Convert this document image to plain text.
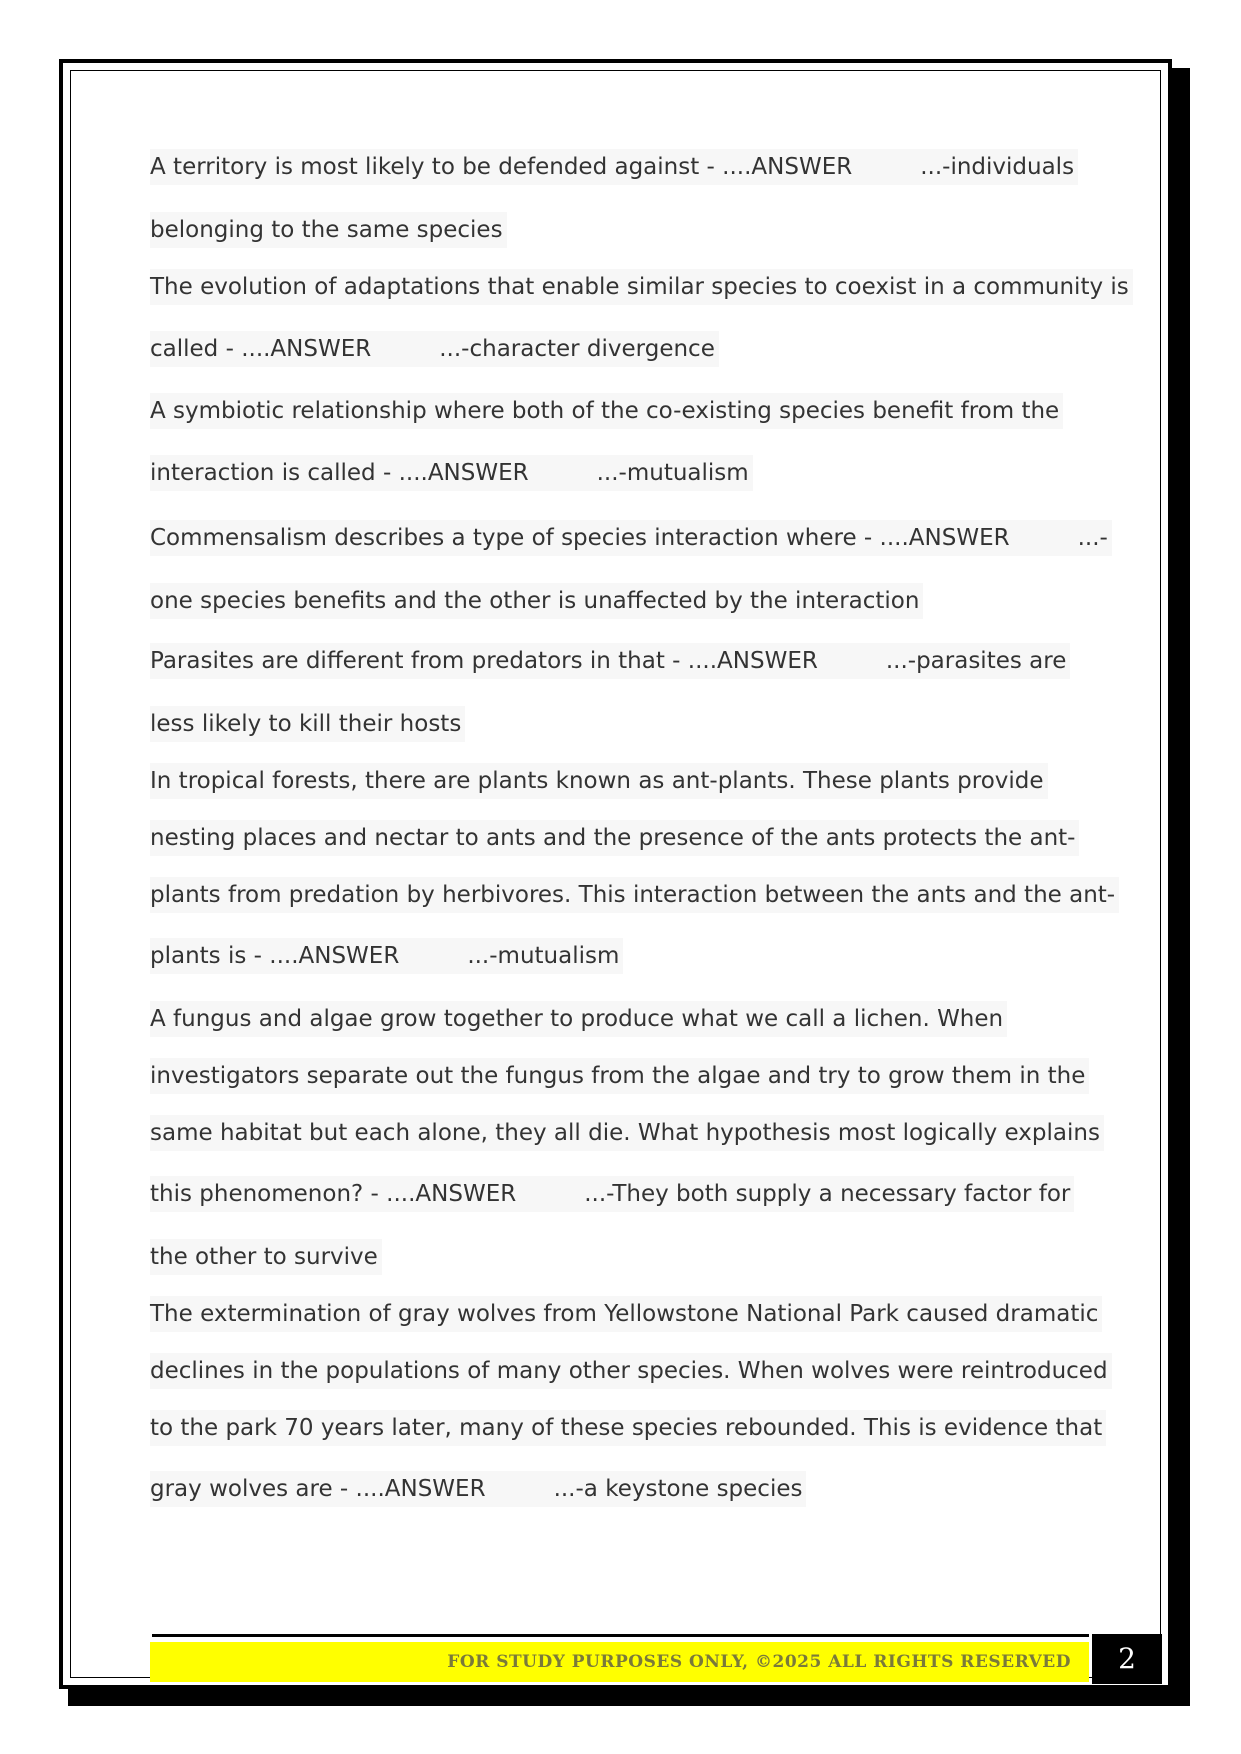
A territory is most likely to be defended against - ....ANSWER	...-individuals
belonging to the same species
The evolution of adaptations that enable similar species to coexist in a community is
called - ....ANSWER	...-character divergence
A symbiotic relationship where both of the co-existing species benefit from the
interaction is called - ....ANSWER	...-mutualism
Commensalism describes a type of species interaction where - ....ANSWER	...-
one species benefits and the other is unaffected by the interaction
Parasites are different from predators in that - ....ANSWER	...-parasites are
less likely to kill their hosts
In tropical forests, there are plants known as ant-plants. These plants provide
nesting places and nectar to ants and the presence of the ants protects the ant-
plants from predation by herbivores. This interaction between the ants and the ant-
plants is - ....ANSWER	...-mutualism
A fungus and algae grow together to produce what we call a lichen. When
investigators separate out the fungus from the algae and try to grow them in the
same habitat but each alone, they all die. What hypothesis most logically explains
this phenomenon? - ....ANSWER	...-They both supply a necessary factor for
the other to survive
The extermination of gray wolves from Yellowstone National Park caused dramatic
declines in the populations of many other species. When wolves were reintroduced
to the park 70 years later, many of these species rebounded. This is evidence that
gray wolves are - ....ANSWER	...-a keystone species
FOR STUDY PURPOSES ONLY, ©2025 ALL RIGHTS RESERVED	2
